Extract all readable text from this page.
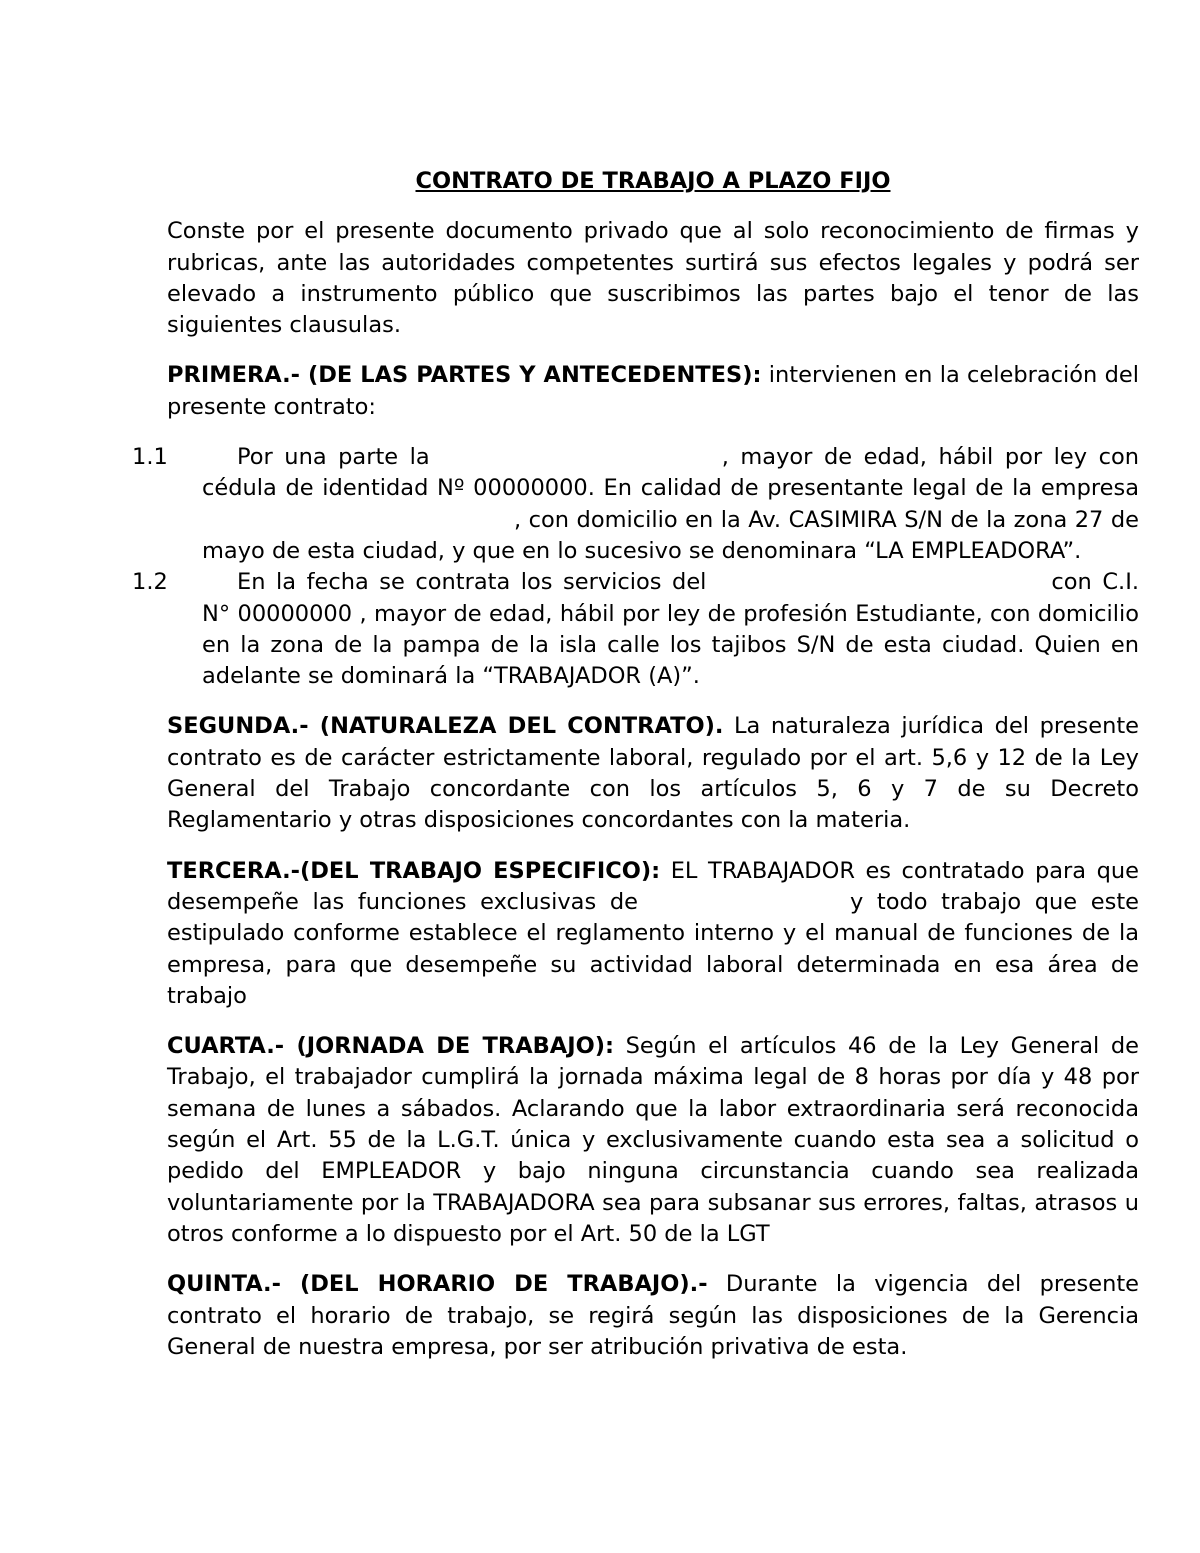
CONTRATO DE TRABAJO A PLAZO FIJO

Conste por el presente documento privado que al solo reconocimiento de firmas y rubricas, ante las autoridades competentes surtirá sus efectos legales y podrá ser elevado a instrumento público que suscribimos las partes bajo el tenor de las siguientes clausulas.

PRIMERA.- (DE LAS PARTES Y ANTECEDENTES): intervienen en la celebración del presente contrato:

1.1	Por una parte la	, mayor de edad, hábil por ley con cédula de identidad Nº 00000000. En calidad de presentante legal de la empresa, con domicilio en la Av. CASIMIRA S/N de la zona 27 de mayo de esta ciudad, y que en lo sucesivo se denominara “LA EMPLEADORA”.
1.2	En la fecha se contrata los servicios del	con C.I. N° 00000000 , mayor de edad, hábil por ley de profesión Estudiante, con domicilio en la zona de la pampa de la isla calle los tajibos S/N de esta ciudad. Quien en adelante se dominará la “TRABAJADOR (A)”.

SEGUNDA.- (NATURALEZA DEL CONTRATO). La naturaleza jurídica del presente contrato es de carácter estrictamente laboral, regulado por el art. 5,6 y 12 de la Ley General del Trabajo concordante con los artículos 5, 6 y 7 de su Decreto Reglamentario y otras disposiciones concordantes con la materia.

TERCERA.-(DEL TRABAJO ESPECIFICO): EL TRABAJADOR es contratado para que desempeñe las funciones exclusivas de	y todo trabajo que este estipulado conforme establece el reglamento interno y el manual de funciones de la empresa, para que desempeñe su actividad laboral determinada en esa área de trabajo

CUARTA.- (JORNADA DE TRABAJO): Según el artículos 46 de la Ley General de Trabajo, el trabajador cumplirá la jornada máxima legal de 8 horas por día y 48 por semana de lunes a sábados. Aclarando que la labor extraordinaria será reconocida según el Art. 55 de la L.G.T. única y exclusivamente cuando esta sea a solicitud o pedido del EMPLEADOR y bajo ninguna circunstancia cuando sea realizada voluntariamente por la TRABAJADORA sea para subsanar sus errores, faltas, atrasos u otros conforme a lo dispuesto por el Art. 50 de la LGT

QUINTA.- (DEL HORARIO DE TRABAJO).- Durante la vigencia del presente contrato el horario de trabajo, se regirá según las disposiciones de la Gerencia General de nuestra empresa, por ser atribución privativa de esta.
